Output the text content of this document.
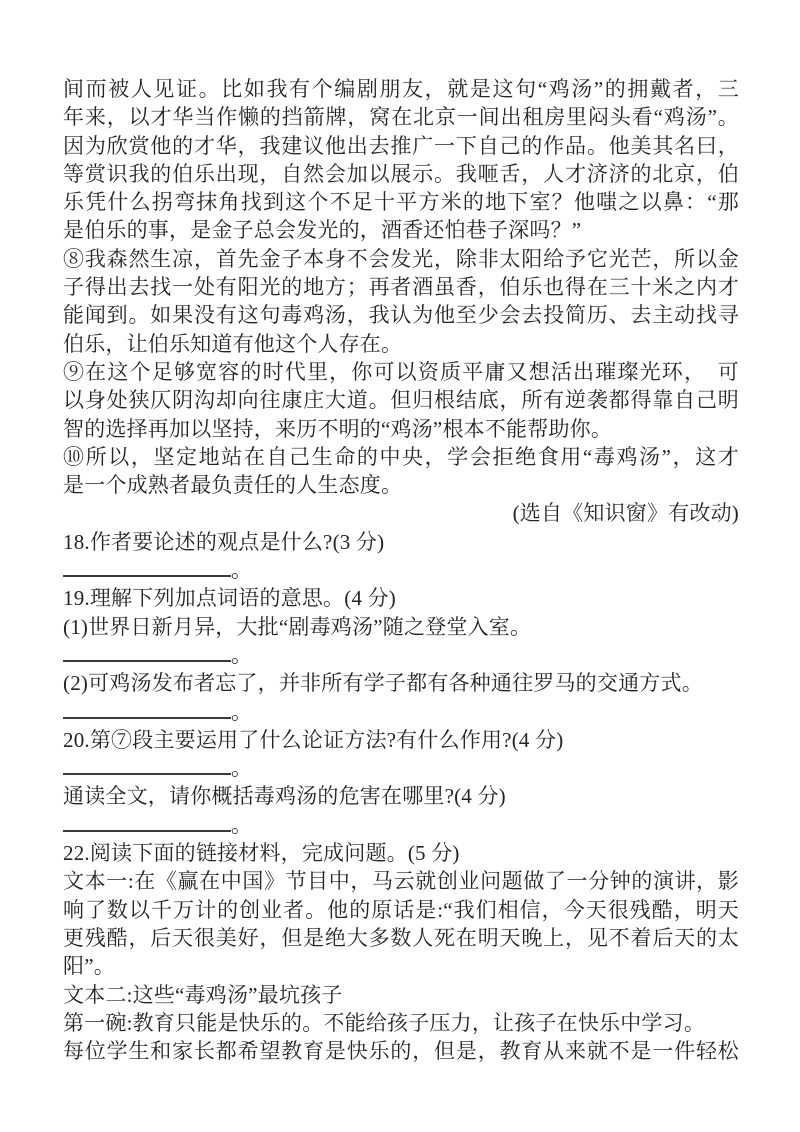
间而被人见证。比如我有个编剧朋友，就是这句“鸡汤”的拥戴者，三
年来，以才华当作懒的挡箭牌，窝在北京一间出租房里闷头看“鸡汤”。
因为欣赏他的才华，我建议他出去推广一下自己的作品。他美其名曰，
等赏识我的伯乐出现，自然会加以展示。我咂舌，人才济济的北京，伯
乐凭什么拐弯抹角找到这个不足十平方米的地下室？他嗤之以鼻：“那
是伯乐的事，是金子总会发光的，酒香还怕巷子深吗？”
⑧我森然生凉，首先金子本身不会发光，除非太阳给予它光芒，所以金
子得出去找一处有阳光的地方；再者酒虽香，伯乐也得在三十米之内才
能闻到。如果没有这句毒鸡汤，我认为他至少会去投简历、去主动找寻
伯乐，让伯乐知道有他这个人存在。
⑨在这个足够宽容的时代里，你可以资质平庸又想活出璀璨光环，　可
以身处狭仄阴沟却向往康庄大道。但归根结底，所有逆袭都得靠自己明
智的选择再加以坚持，来历不明的“鸡汤”根本不能帮助你。
⑩所以，坚定地站在自己生命的中央，学会拒绝食用“毒鸡汤”，这才
是一个成熟者最负责任的人生态度。
(选自《知识窗》有改动)
18.作者要论述的观点是什么?(3 分)
。
19.理解下列加点词语的意思。(4 分)
(1)世界日新月异，大批“剧毒鸡汤”随之登堂入室。
。
(2)可鸡汤发布者忘了，并非所有学子都有各种通往罗马的交通方式。
。
20.第⑦段主要运用了什么论证方法?有什么作用?(4 分)
。
通读全文，请你概括毒鸡汤的危害在哪里?(4 分)
。
22.阅读下面的链接材料，完成问题。(5 分)
文本一:在《赢在中国》节目中，马云就创业问题做了一分钟的演讲，影
响了数以千万计的创业者。他的原话是:“我们相信，今天很残酷，明天
更残酷，后天很美好，但是绝大多数人死在明天晚上，见不着后天的太
阳”。
文本二:这些“毒鸡汤”最坑孩子
第一碗:教育只能是快乐的。不能给孩子压力，让孩子在快乐中学习。
每位学生和家长都希望教育是快乐的，但是，教育从来就不是一件轻松
